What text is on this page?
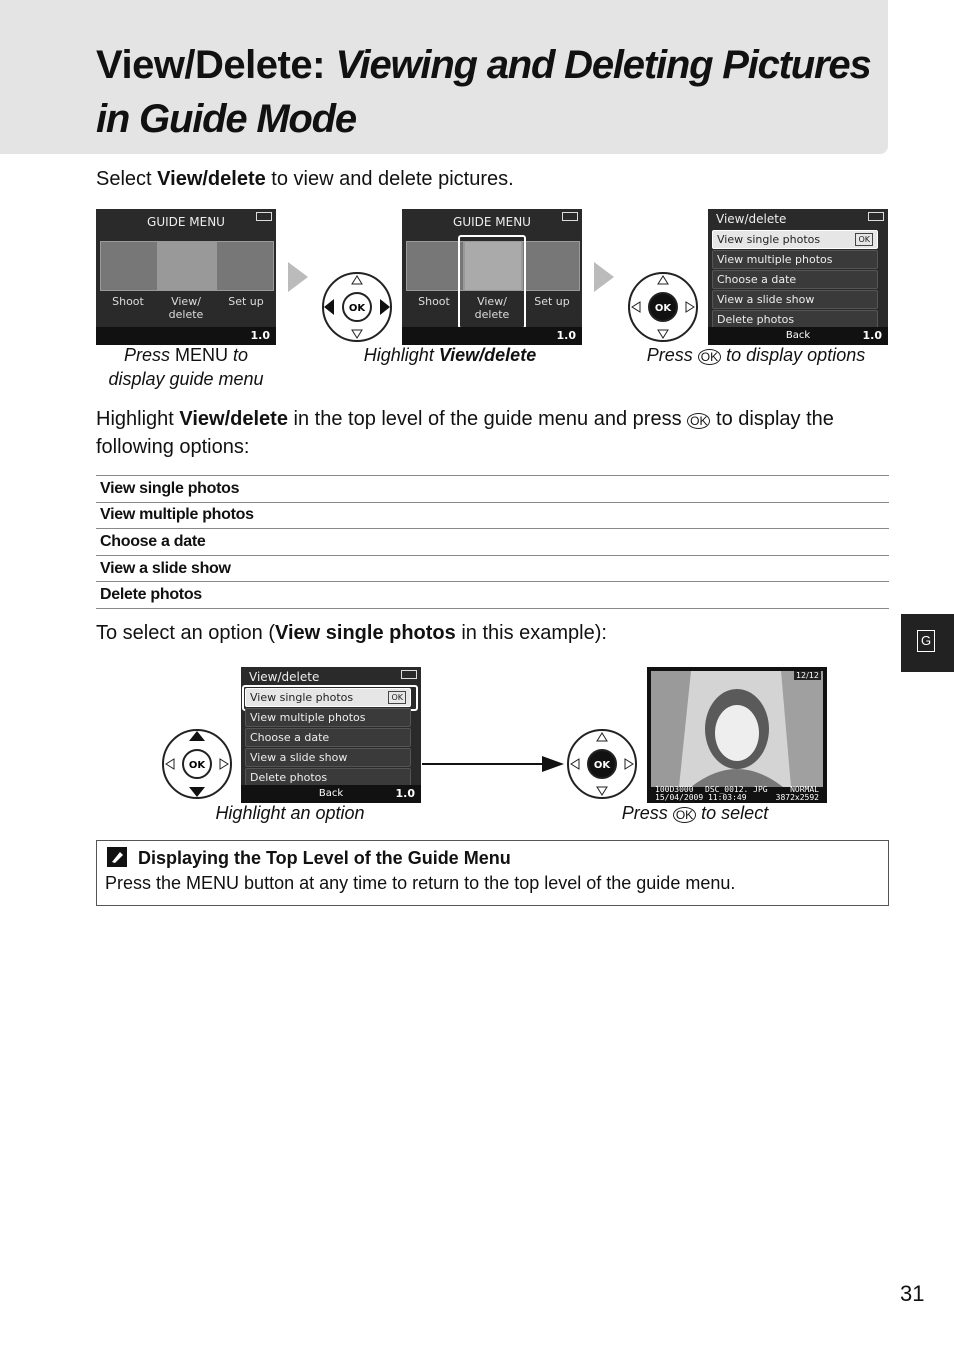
View/Delete: Viewing and Deleting Pictures in Guide Mode
Select View/delete to view and delete pictures.
GUIDE MENU
Shoot	View/
delete
Set up
1.0
OK
GUIDE MENU
Shoot	View/
delete
Set up
1.0
OK
View/delete
View single photos	OK
View multiple photos
Choose a date
View a slide show
Delete photos
Back	1.0
Press MENU to display guide menu
Highlight View/delete	Press OK to display options
Highlight View/delete in the top level of the guide menu and press OK to display the following options:
View single photos
View multiple photos
Choose a date
View a slide show
Delete photos
To select an option (View single photos in this example):
OK
View/delete
View single photos	OK
View multiple photos
Choose a date
View a slide show
Delete photos
Back	1.0
OK
12/12
100D3000 DSC_0012. JPG	NORMAL
15/04/2009 11:03:49	3872x2592
Highlight an option	Press OK to select
Displaying the Top Level of the Guide Menu
Press the MENU button at any time to return to the top level of the guide menu.
G
31
